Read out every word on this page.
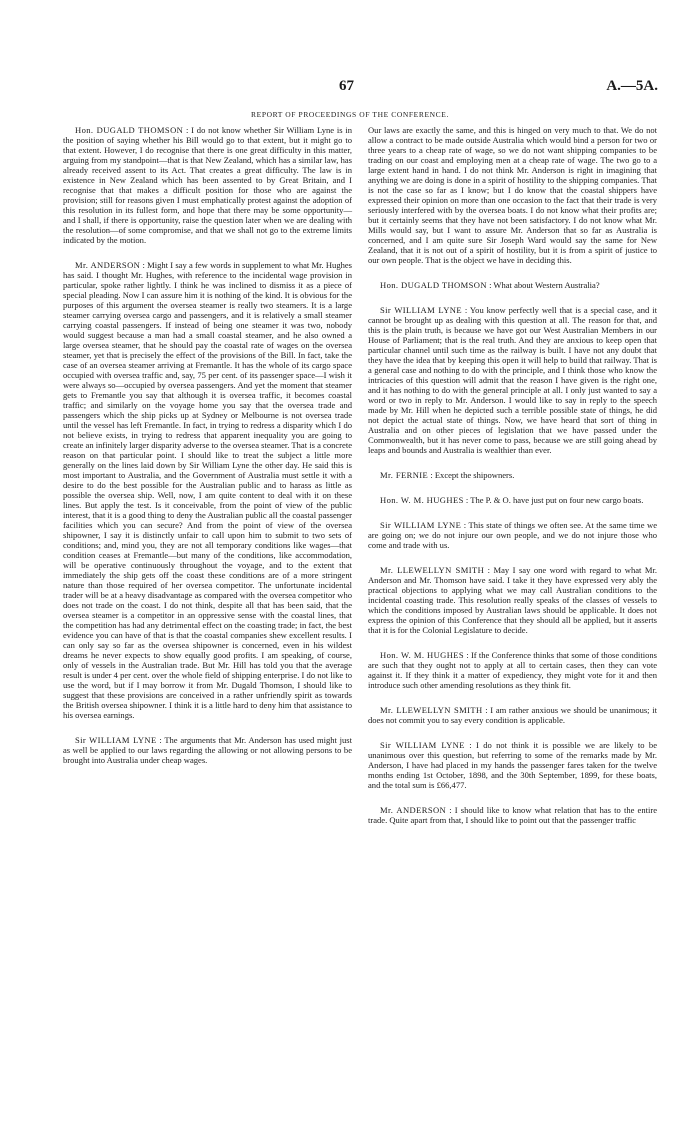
67	A.—5A.
REPORT OF PROCEEDINGS OF THE CONFERENCE.

Hon. DUGALD THOMSON : I do not know whether Sir William Lyne is in the position of saying whether his Bill would go to that extent, but it might go to that extent. However, I do recognise that there is one great difficulty in this matter, arguing from my standpoint—that is that New Zealand, which has a similar law, has already received assent to its Act. That creates a great difficulty. The law is in existence in New Zealand which has been assented to by Great Britain, and I recognise that that makes a difficult position for those who are against the provision; still for reasons given I must emphatically protest against the adoption of this resolution in its fullest form, and hope that there may be some opportunity—and I shall, if there is opportunity, raise the question later when we are dealing with the resolution—of some compromise, and that we shall not go to the extreme limits indicated by the motion.

Mr. ANDERSON : Might I say a few words in supplement to what Mr. Hughes has said. I thought Mr. Hughes, with reference to the incidental wage provision in particular, spoke rather lightly. I think he was inclined to dismiss it as a piece of special pleading. Now I can assure him it is nothing of the kind. It is obvious for the purposes of this argument the oversea steamer is really two steamers. It is a large steamer carrying oversea cargo and passengers, and it is relatively a small steamer carrying coastal passengers. If instead of being one steamer it was two, nobody would suggest because a man had a small coastal steamer, and he also owned a large oversea steamer, that he should pay the coastal rate of wages on the oversea steamer, yet that is precisely the effect of the provisions of the Bill. In fact, take the case of an oversea steamer arriving at Fremantle. It has the whole of its cargo space occupied with oversea traffic and, say, 75 per cent. of its passenger space—I wish it were always so—occupied by oversea passengers. And yet the moment that steamer gets to Fremantle you say that although it is oversea traffic, it becomes coastal traffic; and similarly on the voyage home you say that the oversea trade and passengers which the ship picks up at Sydney or Melbourne is not oversea trade until the vessel has left Fremantle. In fact, in trying to redress a disparity which I do not believe exists, in trying to redress that apparent inequality you are going to create an infinitely larger disparity adverse to the oversea steamer. That is a concrete reason on that particular point. I should like to treat the subject a little more generally on the lines laid down by Sir William Lyne the other day. He said this is most important to Australia, and the Government of Australia must settle it with a desire to do the best possible for the Australian public and to harass as little as possible the oversea ship. Well, now, I am quite content to deal with it on these lines. But apply the test. Is it conceivable, from the point of view of the public interest, that it is a good thing to deny the Australian public all the coastal passenger facilities which you can secure? And from the point of view of the oversea shipowner, I say it is distinctly unfair to call upon him to submit to two sets of conditions; and, mind you, they are not all temporary conditions like wages—that condition ceases at Fremantle—but many of the conditions, like accommodation, will be operative continuously throughout the voyage, and to the extent that immediately the ship gets off the coast these conditions are of a more stringent nature than those required of her oversea competitor. The unfortunate incidental trader will be at a heavy disadvantage as compared with the oversea competitor who does not trade on the coast. I do not think, despite all that has been said, that the oversea steamer is a competitor in an oppressive sense with the coastal lines, that the competition has had any detrimental effect on the coasting trade; in fact, the best evidence you can have of that is that the coastal companies shew excellent results. I can only say so far as the oversea shipowner is concerned, even in his wildest dreams he never expects to show equally good profits. I am speaking, of course, only of vessels in the Australian trade. But Mr. Hill has told you that the average result is under 4 per cent. over the whole field of shipping enterprise. I do not like to use the word, but if I may borrow it from Mr. Dugald Thomson, I should like to suggest that these provisions are conceived in a rather unfriendly spirit as towards the British oversea shipowner. I think it is a little hard to deny him that assistance to his oversea earnings.

Sir WILLIAM LYNE : The arguments that Mr. Anderson has used might just as well be applied to our laws regarding the allowing or not allowing persons to be brought into Australia under cheap wages.

Our laws are exactly the same, and this is hinged on very much to that. We do not allow a contract to be made outside Australia which would bind a person for two or three years to a cheap rate of wage, so we do not want shipping companies to be trading on our coast and employing men at a cheap rate of wage. The two go to a large extent hand in hand. I do not think Mr. Anderson is right in imagining that anything we are doing is done in a spirit of hostility to the shipping companies. That is not the case so far as I know; but I do know that the coastal shippers have expressed their opinion on more than one occasion to the fact that their trade is very seriously interfered with by the oversea boats. I do not know what their profits are; but it certainly seems that they have not been satisfactory. I do not know what Mr. Mills would say, but I want to assure Mr. Anderson that so far as Australia is concerned, and I am quite sure Sir Joseph Ward would say the same for New Zealand, that it is not out of a spirit of hostility, but it is from a spirit of justice to our own people. That is the object we have in deciding this.

Hon. DUGALD THOMSON : What about Western Australia?

Sir WILLIAM LYNE : You know perfectly well that is a special case, and it cannot be brought up as dealing with this question at all. The reason for that, and this is the plain truth, is because we have got our West Australian Members in our House of Parliament; that is the real truth. And they are anxious to keep open that particular channel until such time as the railway is built. I have not any doubt that they have the idea that by keeping this open it will help to build that railway. That is a general case and nothing to do with the principle, and I think those who know the intricacies of this question will admit that the reason I have given is the right one, and it has nothing to do with the general principle at all. I only just wanted to say a word or two in reply to Mr. Anderson. I would like to say in reply to the speech made by Mr. Hill when he depicted such a terrible possible state of things, he did not depict the actual state of things. Now, we have heard that sort of thing in Australia and on other pieces of legislation that we have passed under the Commonwealth, but it has never come to pass, because we are still going ahead by leaps and bounds and Australia is wealthier than ever.

Mr. FERNIE : Except the shipowners.

Hon. W. M. HUGHES : The P. & O. have just put on four new cargo boats.

Sir WILLIAM LYNE : This state of things we often see. At the same time we are going on; we do not injure our own people, and we do not injure those who come and trade with us.

Mr. LLEWELLYN SMITH : May I say one word with regard to what Mr. Anderson and Mr. Thomson have said. I take it they have expressed very ably the practical objections to applying what we may call Australian conditions to the incidental coasting trade. This resolution really speaks of the classes of vessels to which the conditions imposed by Australian laws should be applicable. It does not express the opinion of this Conference that they should all be applied, but it asserts that it is for the Colonial Legislature to decide.

Hon. W. M. HUGHES : If the Conference thinks that some of those conditions are such that they ought not to apply at all to certain cases, then they can vote against it. If they think it a matter of expediency, they might vote for it and then introduce such other amending resolutions as they think fit.

Mr. LLEWELLYN SMITH : I am rather anxious we should be unanimous; it does not commit you to say every condition is applicable.

Sir WILLIAM LYNE : I do not think it is possible we are likely to be unanimous over this question, but referring to some of the remarks made by Mr. Anderson, I have had placed in my hands the passenger fares taken for the twelve months ending 1st October, 1898, and the 30th September, 1899, for these boats, and the total sum is £66,477.

Mr. ANDERSON : I should like to know what relation that has to the entire trade. Quite apart from that, I should like to point out that the passenger traffic
